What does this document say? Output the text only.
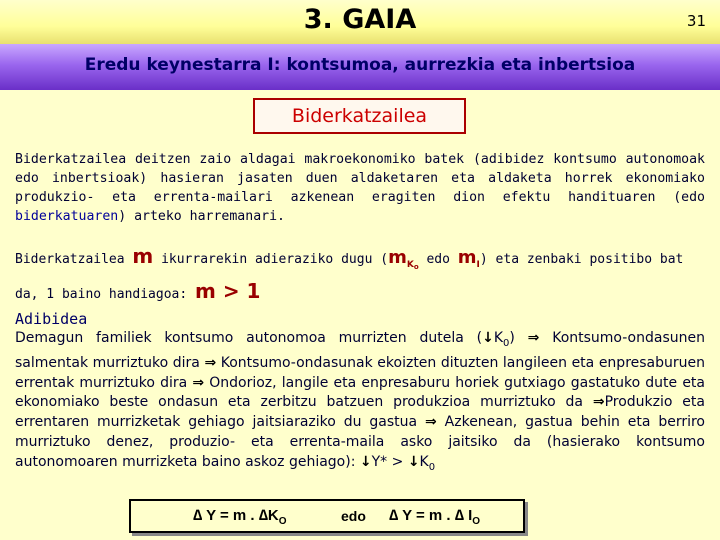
3. GAIA	31
Eredu keynestarra I: kontsumoa, aurrezkia eta inbertsioa
Biderkatzailea
Biderkatzailea deitzen zaio aldagai makroekonomiko batek (adibidez kontsumo autonomoak edo inbertsioak) hasieran jasaten duen aldaketaren eta aldaketa horrek ekonomiako produkzio- eta errenta-mailari azkenean eragiten dion efektu handituaren (edo biderkatuaren) arteko harremanari.
Biderkatzailea m ikurrarekin adieraziko dugu ($m_{K_o}$ edo $m_I$) eta zenbaki positibo bat da, 1 baino handiagoa: m > 1
Adibidea
Demagun familiek kontsumo autonomoa murrizten dutela $(↓K_0)$ ⇒ Kontsumo-ondasunen salmentak murriztuko dira ⇒ Kontsumo-ondasunak ekoizten dituzten langileen eta enpresaburuen errentak murriztuko dira ⇒ Ondorioz, langile eta enpresaburu horiek gutxiago gastatuko dute eta ekonomiako beste ondasun eta zerbitzu batzuen produkzioa murriztuko da ⇒Produkzio eta errentaren murrizketak gehiago jaitsiaraziko du gastua ⇒ Azkenean, gastua behin eta berriro murriztuko denez, produzio- eta errenta-maila asko jaitsiko da (hasierako kontsumo autonomoaren murrizketa baino askoz gehiago): ↓Y* > $↓K_0$
∆ Y = m . $\Delta K_O$	edo ∆ Y = m . ∆ $I_O$
